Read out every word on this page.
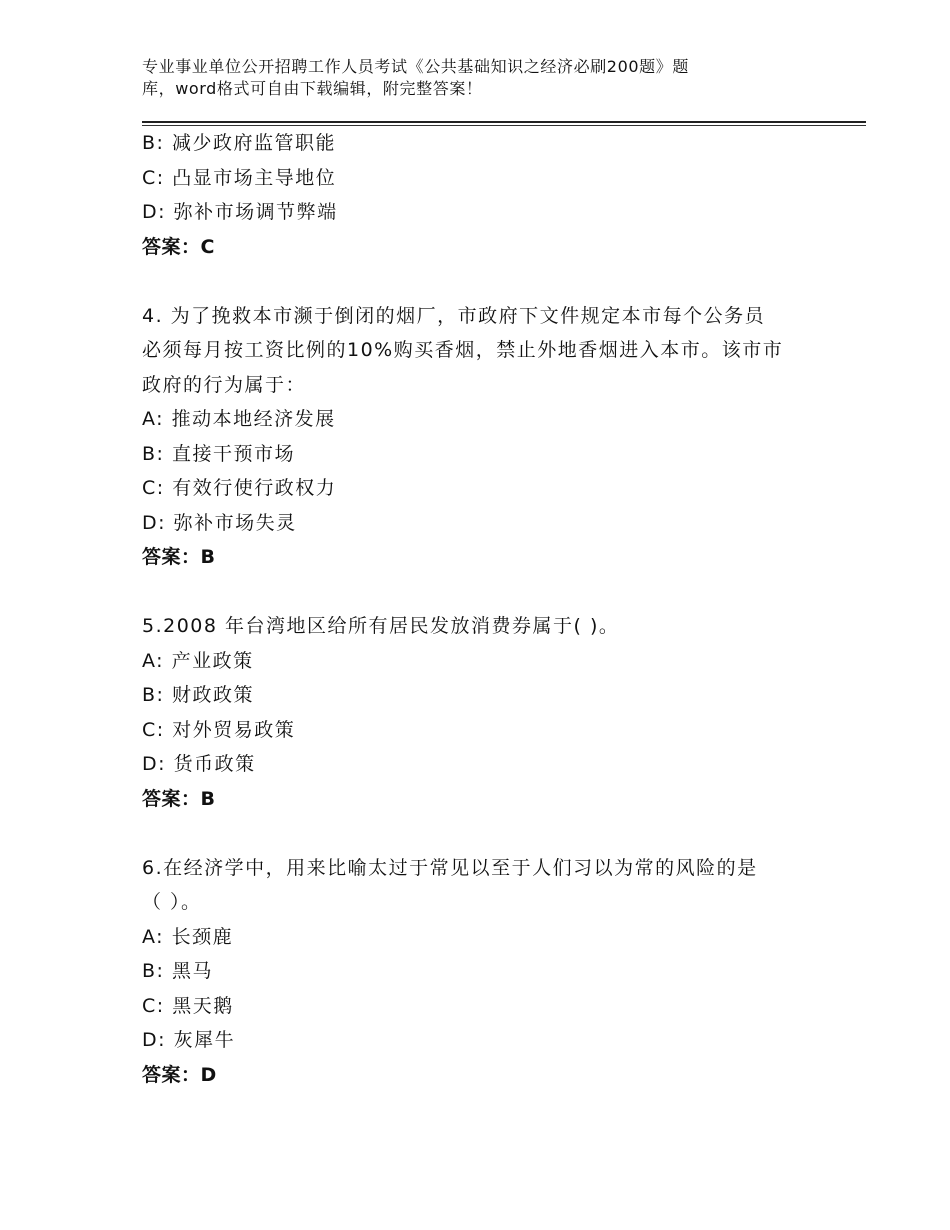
专业事业单位公开招聘工作人员考试《公共基础知识之经济必刷200题》题
库，word格式可自由下载编辑，附完整答案！
B: 减少政府监管职能
C: 凸显市场主导地位
D: 弥补市场调节弊端
答案：C
4. 为了挽救本市濒于倒闭的烟厂，市政府下文件规定本市每个公务员
必须每月按工资比例的10%购买香烟，禁止外地香烟进入本市。该市市
政府的行为属于：
A: 推动本地经济发展
B: 直接干预市场
C: 有效行使行政权力
D: 弥补市场失灵
答案：B
5.2008 年台湾地区给所有居民发放消费券属于( )。
A: 产业政策
B: 财政政策
C: 对外贸易政策
D: 货币政策
答案：B
6.在经济学中，用来比喻太过于常见以至于人们习以为常的风险的是
（ ）。
A: 长颈鹿
B: 黑马
C: 黑天鹅
D: 灰犀牛
答案：D
